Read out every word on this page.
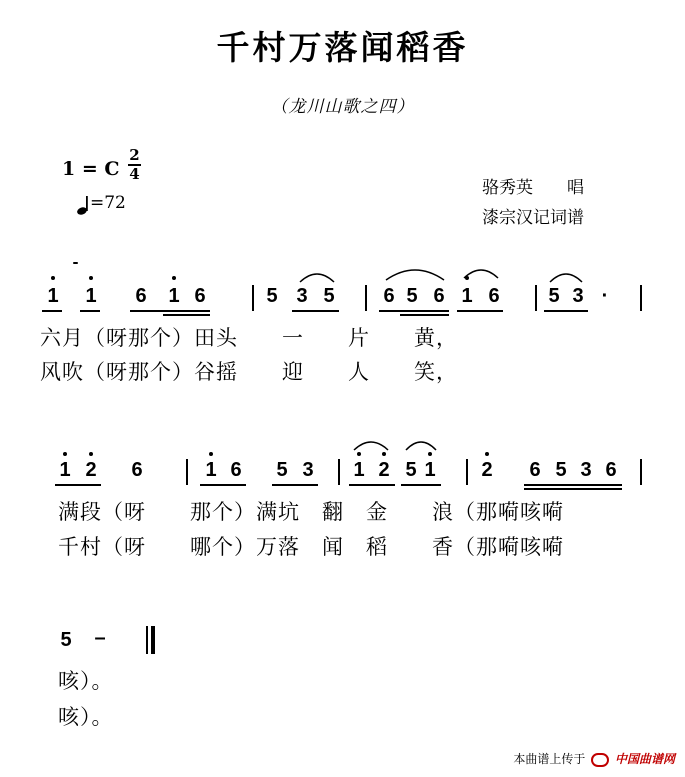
千村万落闻稻香
（龙川山歌之四）
1 = C
2
4
=72
骆秀英　　唱
漆宗汉记词谱
1 1 6 1 6	5 3 5 6 5 6 1 6 5 3 ·
六月（呀那个）田头　　一　　片　　黄，
风吹（呀那个）谷摇　　迎　　人　　笑，
1 2 6	1 6 5 3 1 2 5 1 2 6 5 3 6
满段（呀　　那个）满坑　翻　金　　浪（那嗬咳嗬
千村（呀　　哪个）万落　闻　稻　　香（那嗬咳嗬
5 –
咳）。
咳）。
本曲谱上传于 中国曲谱网
